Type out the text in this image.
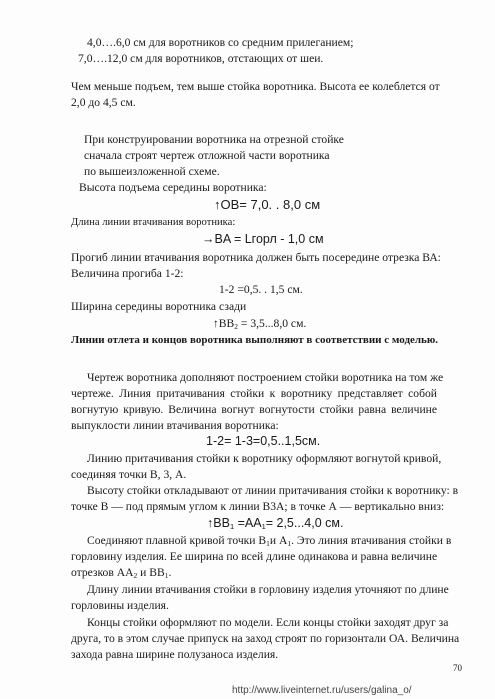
4,0….6,0 см для воротников со средним прилеганием;
7,0….12,0 см для воротников, отстающих от шеи.
Чем меньше подъем, тем выше стойка воротника. Высота ее колеблется от
2,0 до 4,5 см.
При конструировании воротника на отрезной стойке
сначала строят чертеж отложной части воротника
по вышеизложенной схеме.
Высота подъема середины воротника:
↑OB= 7,0. . 8,0 см
Длина линии втачивания воротника:
→BA = Lгорл - 1,0 см
Прогиб линии втачивания воротника должен быть посередине отрезка ВА:
Величина прогиба 1-2:
1-2 =0,5. . 1,5 см.
Ширина середины воротника сзади
$↑BB_2 = 3,5...8,0$ см.
Линии отлета и концов воротника выполняют в соответствии с моделью.
Чертеж воротника дополняют построением стойки воротника на том же
чертеже. Линия притачивания стойки к воротнику представляет собой
вогнутую кривую. Величина вогнут вогнутости стойки равна величине
выпуклости линии втачивания воротника:
1-2= 1-3=0,5..1,5см.
Линию притачивания стойки к воротнику оформляют вогнутой кривой,
соединяя точки В, 3, А.
Высоту стойки откладывают от линии притачивания стойки к воротнику: в
точке В — под прямым углом к линии В3А; в точке А — вертикально вниз:
$↑BB_1 =AA_1= 2,5...4,0$ см.
Соединяют плавной кривой точки $В_1и$ $А_1$. Это линия втачивания стойки в
горловину изделия. Ее ширина по всей длине одинакова и равна величине
отрезков $АА_2$ и $ВВ_1$.
Длину линии втачивания стойки в горловину изделия уточняют по длине
горловины изделия.
Концы стойки оформляют по модели. Если концы стойки заходят друг за
друга, то в этом случае припуск на заход строят по горизонтали ОА. Величина
захода равна ширине полузаноса изделия.
70
http://www.liveinternet.ru/users/galina_o/
